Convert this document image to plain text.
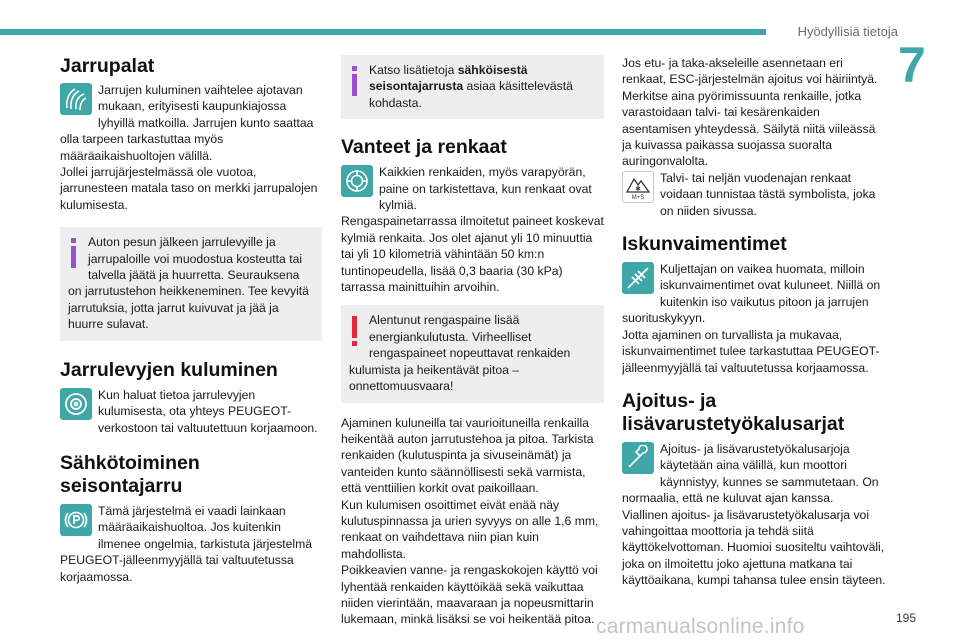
Hyödyllisiä tietoja
7
Jarrupalat

Jarrujen kuluminen vaihtelee ajotavan mukaan, erityisesti kaupunkiajossa lyhyillä matkoilla. Jarrujen kunto saattaa olla tarpeen tarkastuttaa myös määräaikaishuoltojen välillä.

Jollei jarrujärjestelmässä ole vuotoa, jarrunesteen matala taso on merkki jarrupalojen kulumisesta.

Auton pesun jälkeen jarrulevyille ja jarrupaloille voi muodostua kosteutta tai talvella jäätä ja huurretta. Seurauksena on jarrutustehon heikkeneminen. Tee kevyitä jarrutuksia, jotta jarrut kuivuvat ja jää ja huurre sulavat.

Jarrulevyjen kuluminen

Kun haluat tietoa jarrulevyjen kulumisesta, ota yhteys PEUGEOT-verkostoon tai valtuutettuun korjaamoon.

Sähkötoiminen
seisontajarru

Tämä järjestelmä ei vaadi lainkaan määräaikaishuoltoa. Jos kuitenkin ilmenee ongelmia, tarkistuta järjestelmä PEUGEOT-jälleenmyyjällä tai valtuutetussa korjaamossa.

Katso lisätietoja sähköisestä seisontajarrusta asiaa käsittelevästä kohdasta.

Vanteet ja renkaat

Kaikkien renkaiden, myös varapyörän, paine on tarkistettava, kun renkaat ovat kylmiä.

Rengaspainetarrassa ilmoitetut paineet koskevat kylmiä renkaita. Jos olet ajanut yli 10 minuuttia tai yli 10 kilometriä vähintään 50 km:n tuntinopeudella, lisää 0,3 baaria (30 kPa) tarrassa mainittuihin arvoihin.

Alentunut rengaspaine lisää energiankulutusta. Virheelliset rengaspaineet nopeuttavat renkaiden kulumista ja heikentävät pitoa – onnettomuusvaara!

Ajaminen kuluneilla tai vaurioituneilla renkailla heikentää auton jarrutustehoa ja pitoa. Tarkista renkaiden (kulutuspinta ja sivuseinämät) ja vanteiden kunto säännöllisesti sekä varmista, että venttiilien korkit ovat paikoillaan.

Kun kulumisen osoittimet eivät enää näy kulutuspinnassa ja urien syvyys on alle 1,6 mm, renkaat on vaihdettava niin pian kuin mahdollista.

Poikkeavien vanne- ja rengaskokojen käyttö voi lyhentää renkaiden käyttöikää sekä vaikuttaa niiden vierintään, maavaraan ja nopeusmittarin lukemaan, minkä lisäksi se voi heikentää pitoa.

Jos etu- ja taka-akseleille asennetaan eri renkaat, ESC-järjestelmän ajoitus voi häiriintyä.

Merkitse aina pyörimissuunta renkaille, jotka varastoidaan talvi- tai kesärenkaiden asentamisen yhteydessä. Säilytä niitä viileässä ja kuivassa paikassa suojassa suoralta auringonvalolta.

M+S

Talvi- tai neljän vuodenajan renkaat voidaan tunnistaa tästä symbolista, joka on niiden sivussa.

Iskunvaimentimet

Kuljettajan on vaikea huomata, milloin iskunvaimentimet ovat kuluneet. Niillä on kuitenkin iso vaikutus pitoon ja jarrujen suorituskykyyn.

Jotta ajaminen on turvallista ja mukavaa, iskunvaimentimet tulee tarkastuttaa PEUGEOT-jälleenmyyjällä tai valtuutetussa korjaamossa.

Ajoitus- ja
lisävarustetyökalusarjat

Ajoitus- ja lisävarustetyökalusarjoja käytetään aina välillä, kun moottori käynnistyy, kunnes se sammutetaan. On normaalia, että ne kuluvat ajan kanssa.

Viallinen ajoitus- ja lisävarustetyökalusarja voi vahingoittaa moottoria ja tehdä siitä käyttökelvottoman. Huomioi suositeltu vaihtoväli, joka on ilmoitettu joko ajettuna matkana tai käyttöaikana, kumpi tahansa tulee ensin täyteen.

195
carmanualsonline.info
